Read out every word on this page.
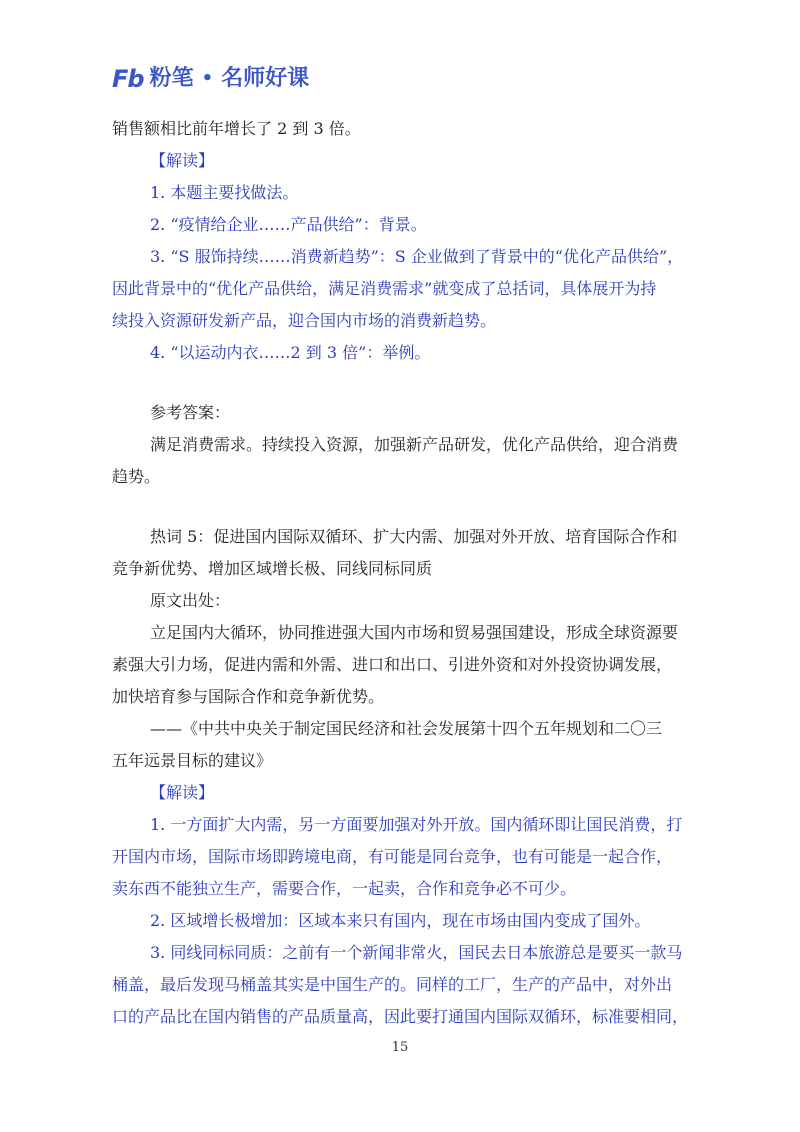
Fb 粉笔 • 名师好课
销售额相比前年增长了 2 到 3 倍。
【解读】
1. 本题主要找做法。
2. “疫情给企业……产品供给”：背景。
3. “S 服饰持续……消费新趋势”：S 企业做到了背景中的“优化产品供给”，
因此背景中的“优化产品供给，满足消费需求”就变成了总括词，具体展开为持
续投入资源研发新产品，迎合国内市场的消费新趋势。
4. “以运动内衣……2 到 3 倍”：举例。
参考答案：
满足消费需求。持续投入资源，加强新产品研发，优化产品供给，迎合消费
趋势。
热词 5：促进国内国际双循环、扩大内需、加强对外开放、培育国际合作和
竞争新优势、增加区域增长极、同线同标同质
原文出处：
立足国内大循环，协同推进强大国内市场和贸易强国建设，形成全球资源要
素强大引力场，促进内需和外需、进口和出口、引进外资和对外投资协调发展，
加快培育参与国际合作和竞争新优势。
——《中共中央关于制定国民经济和社会发展第十四个五年规划和二〇三
五年远景目标的建议》
【解读】
1. 一方面扩大内需，另一方面要加强对外开放。国内循环即让国民消费，打
开国内市场，国际市场即跨境电商，有可能是同台竞争，也有可能是一起合作，
卖东西不能独立生产，需要合作，一起卖，合作和竞争必不可少。
2. 区域增长极增加：区域本来只有国内，现在市场由国内变成了国外。
3. 同线同标同质：之前有一个新闻非常火，国民去日本旅游总是要买一款马
桶盖，最后发现马桶盖其实是中国生产的。同样的工厂，生产的产品中，对外出
口的产品比在国内销售的产品质量高，因此要打通国内国际双循环，标准要相同，
15
